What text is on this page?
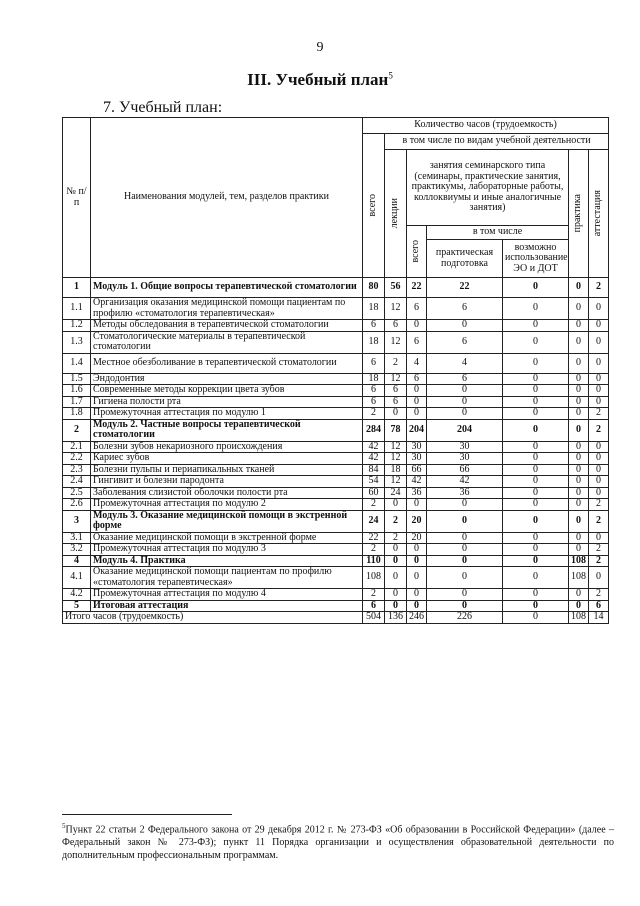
9
III. Учебный план$^5$
7. Учебный план:
№ п/п	Наименования модулей, тем, разделов практики	Количество часов (трудоемкость)						

		всего	в том числе по видам учебной деятельности					

			лекции	занятия семинарского типа (семинары, практические занятия, практикумы, лабораторные работы, коллоквиумы и иные аналогичные занятия)			практика	аттестация

				всего	в том числе			
					практическая подготовка	возможно использование ЭО и ДОТ		
1	Модуль 1. Общие вопросы терапевтической стоматологии	80	56	22	22	0	0	2
1.1	Организация оказания медицинской помощи пациентам по профилю «стоматология терапевтическая»	18	12	6	6	0	0	0
1.2	Методы обследования в терапевтической стоматологии	6	6	0	0	0	0	0
1.3	Стоматологические материалы в терапевтической стоматологии	18	12	6	6	0	0	0
1.4	Местное обезболивание в терапевтической стоматологии	6	2	4	4	0	0	0
1.5	Эндодонтия	18	12	6	6	0	0	0
1.6	Современные методы коррекции цвета зубов	6	6	0	0	0	0	0
1.7	Гигиена полости рта	6	6	0	0	0	0	0
1.8	Промежуточная аттестация по модулю 1	2	0	0	0	0	0	2
2	Модуль 2. Частные вопросы терапевтической стоматологии	284	78	204	204	0	0	2
2.1	Болезни зубов некариозного происхождения	42	12	30	30	0	0	0
2.2	Кариес зубов	42	12	30	30	0	0	0
2.3	Болезни пульпы и периапикальных тканей	84	18	66	66	0	0	0
2.4	Гингивит и болезни пародонта	54	12	42	42	0	0	0
2.5	Заболевания слизистой оболочки полости рта	60	24	36	36	0	0	0
2.6	Промежуточная аттестация по модулю 2	2	0	0	0	0	0	2
3	Модуль 3. Оказание медицинской помощи в экстренной форме	24	2	20	0	0	0	2
3.1	Оказание медицинской помощи в экстренной форме	22	2	20	0	0	0	0
3.2	Промежуточная аттестация по модулю 3	2	0	0	0	0	0	2
4	Модуль 4. Практика	110	0	0	0	0	108	2
4.1	Оказание медицинской помощи пациентам по профилю «стоматология терапевтическая»	108	0	0	0	0	108	0
4.2	Промежуточная аттестация по модулю 4	2	0	0	0	0	0	2
5	Итоговая аттестация	6	0	0	0	0	0	6
Итого часов (трудоемкость)		504	136	246	226	0	108	14
$^5$Пункт 22 статьи 2 Федерального закона от 29 декабря 2012 г. № 273-ФЗ «Об образовании в Российской Федерации» (далее – Федеральный закон № 273-ФЗ); пункт 11 Порядка организации и осуществления образовательной деятельности по дополнительным профессиональным программам.
